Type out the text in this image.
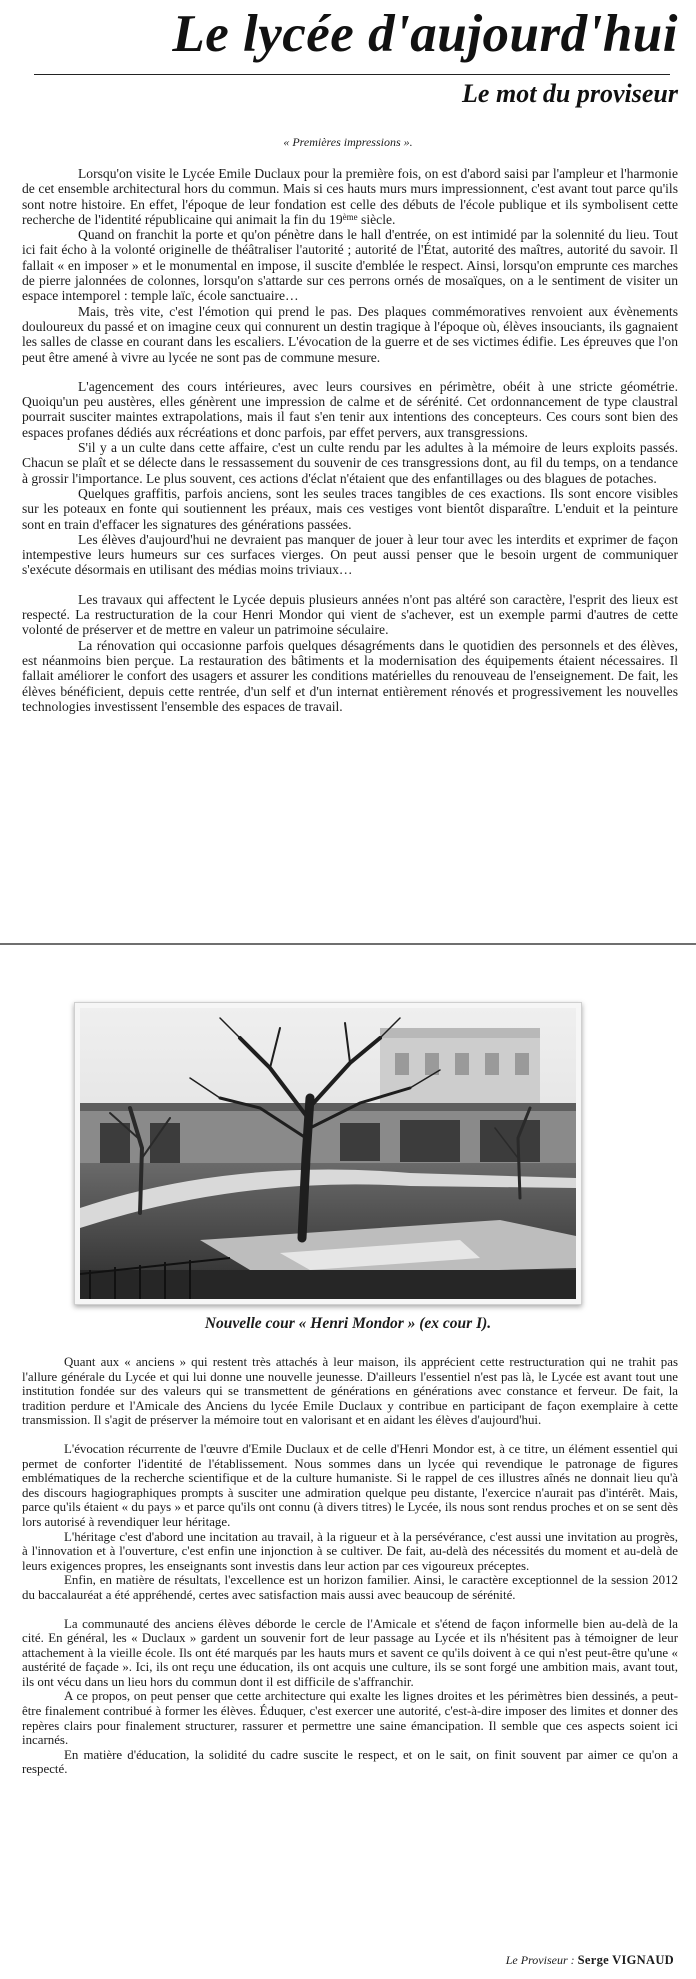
Le lycée d'aujourd'hui
Le mot du proviseur
« Premières impressions ».

Lorsqu'on visite le Lycée Emile Duclaux pour la première fois, on est d'abord saisi par l'ampleur et l'harmonie de cet ensemble architectural hors du commun. Mais si ces hauts murs murs impressionnent, c'est avant tout parce qu'ils sont notre histoire. En effet, l'époque de leur fondation est celle des débuts de l'école publique et ils symbolisent cette recherche de l'identité républicaine qui animait la fin du 19ème siècle.

Quand on franchit la porte et qu'on pénètre dans le hall d'entrée, on est intimidé par la solennité du lieu. Tout ici fait écho à la volonté originelle de théâtraliser l'autorité ; autorité de l'État, autorité des maîtres, autorité du savoir. Il fallait « en imposer » et le monumental en impose, il suscite d'emblée le respect. Ainsi, lorsqu'on emprunte ces marches de pierre jalonnées de colonnes, lorsqu'on s'attarde sur ces perrons ornés de mosaïques, on a le sentiment de visiter un espace intemporel : temple laïc, école sanctuaire…

Mais, très vite, c'est l'émotion qui prend le pas. Des plaques commémoratives renvoient aux évènements douloureux du passé et on imagine ceux qui connurent un destin tragique à l'époque où, élèves insouciants, ils gagnaient les salles de classe en courant dans les escaliers. L'évocation de la guerre et de ses victimes édifie. Les épreuves que l'on peut être amené à vivre au lycée ne sont pas de commune mesure.

L'agencement des cours intérieures, avec leurs coursives en périmètre, obéit à une stricte géométrie. Quoiqu'un peu austères, elles génèrent une impression de calme et de sérénité. Cet ordonnancement de type claustral pourrait susciter maintes extrapolations, mais il faut s'en tenir aux intentions des concepteurs. Ces cours sont bien des espaces profanes dédiés aux récréations et donc parfois, par effet pervers, aux transgressions.

S'il y a un culte dans cette affaire, c'est un culte rendu par les adultes à la mémoire de leurs exploits passés. Chacun se plaît et se délecte dans le ressassement du souvenir de ces transgressions dont, au fil du temps, on a tendance à grossir l'importance. Le plus souvent, ces actions d'éclat n'étaient que des enfantillages ou des blagues de potaches.

Quelques graffitis, parfois anciens, sont les seules traces tangibles de ces exactions. Ils sont encore visibles sur les poteaux en fonte qui soutiennent les préaux, mais ces vestiges vont bientôt disparaître. L'enduit et la peinture sont en train d'effacer les signatures des générations passées.

Les élèves d'aujourd'hui ne devraient pas manquer de jouer à leur tour avec les interdits et exprimer de façon intempestive leurs humeurs sur ces surfaces vierges. On peut aussi penser que le besoin urgent de communiquer s'exécute désormais en utilisant des médias moins triviaux…

Les travaux qui affectent le Lycée depuis plusieurs années n'ont pas altéré son caractère, l'esprit des lieux est respecté. La restructuration de la cour Henri Mondor qui vient de s'achever, est un exemple parmi d'autres de cette volonté de préserver et de mettre en valeur un patrimoine séculaire.

La rénovation qui occasionne parfois quelques désagréments dans le quotidien des personnels et des élèves, est néanmoins bien perçue. La restauration des bâtiments et la modernisation des équipements étaient nécessaires. Il fallait améliorer le confort des usagers et assurer les conditions matérielles du renouveau de l'enseignement. De fait, les élèves bénéficient, depuis cette rentrée, d'un self et d'un internat entièrement rénovés et progressivement les nouvelles technologies investissent l'ensemble des espaces de travail.

Nouvelle cour « Henri Mondor » (ex cour I).

Quant aux « anciens » qui restent très attachés à leur maison, ils apprécient cette restructuration qui ne trahit pas l'allure générale du Lycée et qui lui donne une nouvelle jeunesse. D'ailleurs l'essentiel n'est pas là, le Lycée est avant tout une institution fondée sur des valeurs qui se transmettent de générations en générations avec constance et ferveur. De fait, la tradition perdure et l'Amicale des Anciens du lycée Emile Duclaux y contribue en participant de façon exemplaire à cette transmission. Il s'agit de préserver la mémoire tout en valorisant et en aidant les élèves d'aujourd'hui.

L'évocation récurrente de l'œuvre d'Emile Duclaux et de celle d'Henri Mondor est, à ce titre, un élément essentiel qui permet de conforter l'identité de l'établissement. Nous sommes dans un lycée qui revendique le patronage de figures emblématiques de la recherche scientifique et de la culture humaniste. Si le rappel de ces illustres aînés ne donnait lieu qu'à des discours hagiographiques prompts à susciter une admiration quelque peu distante, l'exercice n'aurait pas d'intérêt. Mais, parce qu'ils étaient « du pays » et parce qu'ils ont connu (à divers titres) le Lycée, ils nous sont rendus proches et on se sent dès lors autorisé à revendiquer leur héritage.

L'héritage c'est d'abord une incitation au travail, à la rigueur et à la persévérance, c'est aussi une invitation au progrès, à l'innovation et à l'ouverture, c'est enfin une injonction à se cultiver. De fait, au-delà des nécessités du moment et au-delà de leurs exigences propres, les enseignants sont investis dans leur action par ces vigoureux préceptes.

Enfin, en matière de résultats, l'excellence est un horizon familier. Ainsi, le caractère exceptionnel de la session 2012 du baccalauréat a été appréhendé, certes avec satisfaction mais aussi avec beaucoup de sérénité.

La communauté des anciens élèves déborde le cercle de l'Amicale et s'étend de façon informelle bien au-delà de la cité. En général, les « Duclaux » gardent un souvenir fort de leur passage au Lycée et ils n'hésitent pas à témoigner de leur attachement à la vieille école. Ils ont été marqués par les hauts murs et savent ce qu'ils doivent à ce qui n'est peut-être qu'une « austérité de façade ». Ici, ils ont reçu une éducation, ils ont acquis une culture, ils se sont forgé une ambition mais, avant tout, ils ont vécu dans un lieu hors du commun dont il est difficile de s'affranchir.

A ce propos, on peut penser que cette architecture qui exalte les lignes droites et les périmètres bien dessinés, a peut-être finalement contribué à former les élèves. Éduquer, c'est exercer une autorité, c'est-à-dire imposer des limites et donner des repères clairs pour finalement structurer, rassurer et permettre une saine émancipation. Il semble que ces aspects soient ici incarnés.

En matière d'éducation, la solidité du cadre suscite le respect, et on le sait, on finit souvent par aimer ce qu'on a respecté.

Le Proviseur : Serge VIGNAUD
